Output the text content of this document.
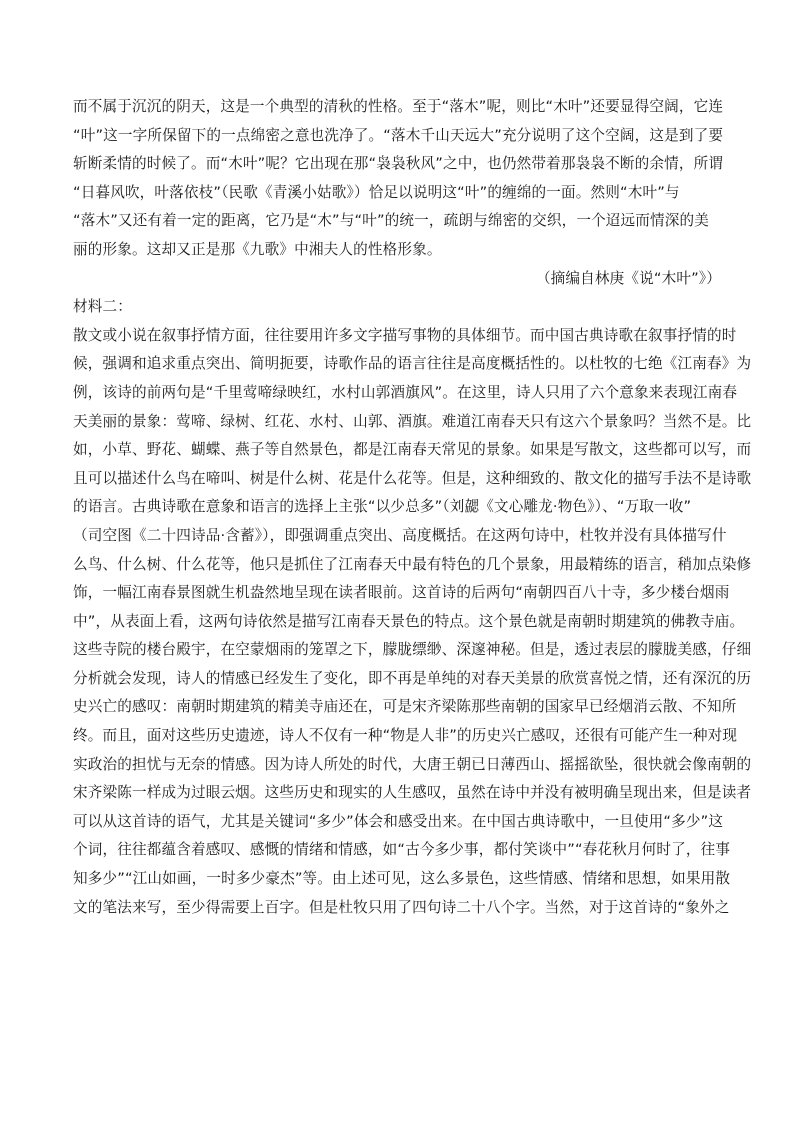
而不属于沉沉的阴天，这是一个典型的清秋的性格。至于“落木”呢，则比“木叶”还要显得空阔，它连
“叶”这一字所保留下的一点绵密之意也洗净了。“落木千山天远大”充分说明了这个空阔，这是到了要
斩断柔情的时候了。而“木叶”呢？它出现在那“袅袅秋风”之中，也仍然带着那袅袅不断的余情，所谓
“日暮风吹，叶落依枝”（民歌《青溪小姑歌》）恰足以说明这“叶”的缠绵的一面。然则“木叶”与
“落木”又还有着一定的距离，它乃是“木”与“叶”的统一，疏朗与绵密的交织，一个迢远而情深的美
丽的形象。这却又正是那《九歌》中湘夫人的性格形象。
（摘编自林庚《说“木叶”》）
材料二：
散文或小说在叙事抒情方面，往往要用许多文字描写事物的具体细节。而中国古典诗歌在叙事抒情的时
候，强调和追求重点突出、简明扼要，诗歌作品的语言往往是高度概括性的。以杜牧的七绝《江南春》为
例，该诗的前两句是“千里莺啼绿映红，水村山郭酒旗风”。在这里，诗人只用了六个意象来表现江南春
天美丽的景象：莺啼、绿树、红花、水村、山郭、酒旗。难道江南春天只有这六个景象吗？当然不是。比
如，小草、野花、蝴蝶、燕子等自然景色，都是江南春天常见的景象。如果是写散文，这些都可以写，而
且可以描述什么鸟在啼叫、树是什么树、花是什么花等。但是，这种细致的、散文化的描写手法不是诗歌
的语言。古典诗歌在意象和语言的选择上主张“以少总多”（刘勰《文心雕龙·物色》）、“万取一收”
（司空图《二十四诗品·含蓄》），即强调重点突出、高度概括。在这两句诗中，杜牧并没有具体描写什
么鸟、什么树、什么花等，他只是抓住了江南春天中最有特色的几个景象，用最精练的语言，稍加点染修
饰，一幅江南春景图就生机盎然地呈现在读者眼前。这首诗的后两句“南朝四百八十寺，多少楼台烟雨
中”，从表面上看，这两句诗依然是描写江南春天景色的特点。这个景色就是南朝时期建筑的佛教寺庙。
这些寺院的楼台殿宇，在空蒙烟雨的笼罩之下，朦胧缥缈、深邃神秘。但是，透过表层的朦胧美感，仔细
分析就会发现，诗人的情感已经发生了变化，即不再是单纯的对春天美景的欣赏喜悦之情，还有深沉的历
史兴亡的感叹：南朝时期建筑的精美寺庙还在，可是宋齐梁陈那些南朝的国家早已经烟消云散、不知所
终。而且，面对这些历史遗迹，诗人不仅有一种“物是人非”的历史兴亡感叹，还很有可能产生一种对现
实政治的担忧与无奈的情感。因为诗人所处的时代，大唐王朝已日薄西山、摇摇欲坠，很快就会像南朝的
宋齐梁陈一样成为过眼云烟。这些历史和现实的人生感叹，虽然在诗中并没有被明确呈现出来，但是读者
可以从这首诗的语气，尤其是关键词“多少”体会和感受出来。在中国古典诗歌中，一旦使用“多少”这
个词，往往都蕴含着感叹、感慨的情绪和情感，如“古今多少事，都付笑谈中”“春花秋月何时了，往事
知多少”“江山如画，一时多少豪杰”等。由上述可见，这么多景色，这些情感、情绪和思想，如果用散
文的笔法来写，至少得需要上百字。但是杜牧只用了四句诗二十八个字。当然，对于这首诗的“象外之
